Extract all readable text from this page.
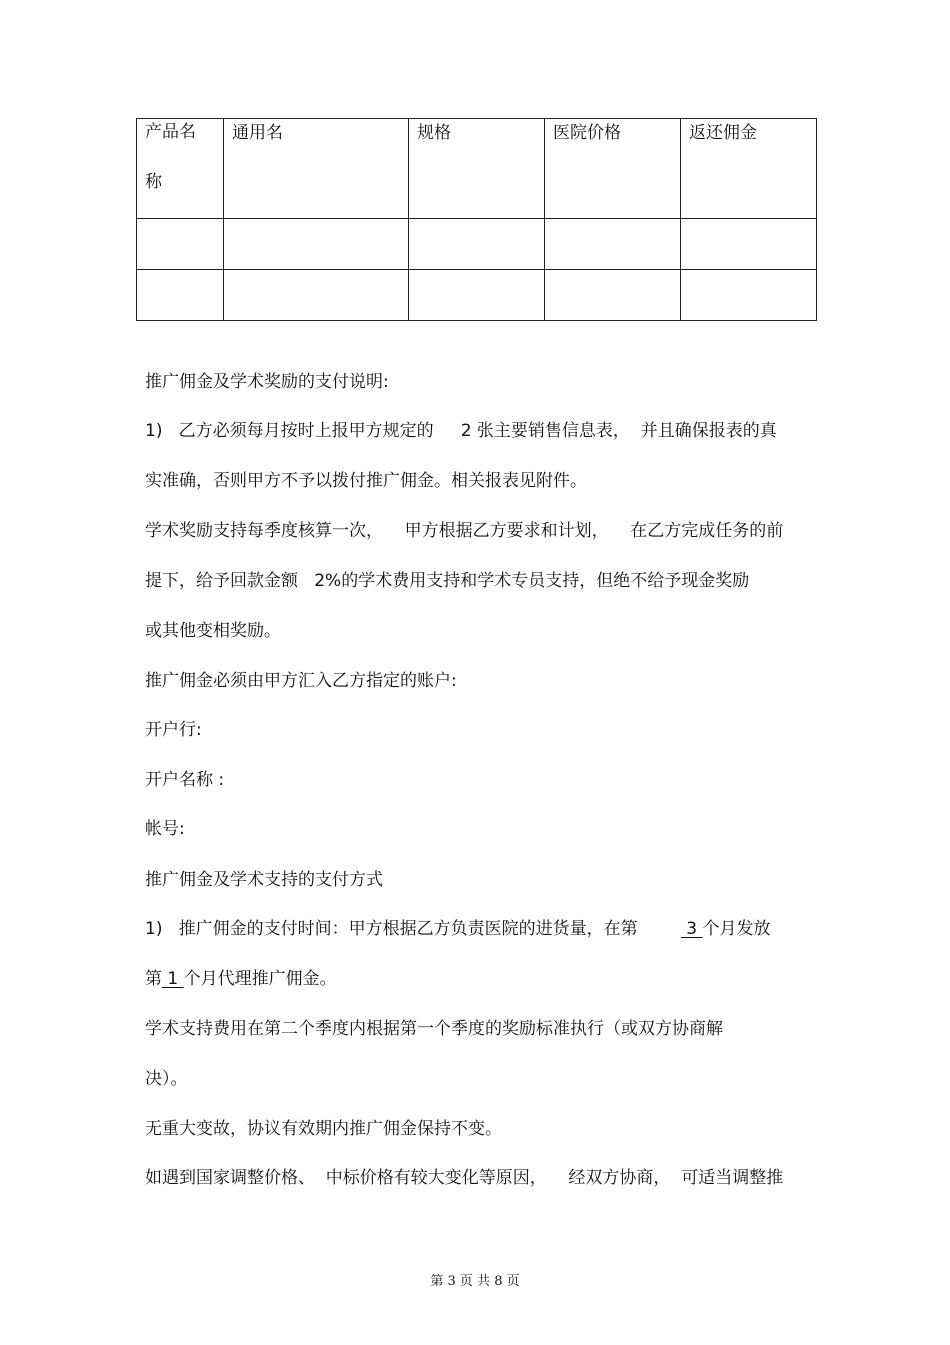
产品名
称	通用名	规格	医院价格	返还佣金

推广佣金及学术奖励的支付说明:
1)   乙方必须每月按时上报甲方规定的     2 张主要销售信息表，  并且确保报表的真
实准确，否则甲方不予以拨付推广佣金。相关报表见附件。
学术奖励支持每季度核算一次，    甲方根据乙方要求和计划，    在乙方完成任务的前
提下，给予回款金额   2%的学术费用支持和学术专员支持，但绝不给予现金奖励
或其他变相奖励。
推广佣金必须由甲方汇入乙方指定的账户:
开户行:
开户名称 :
帐号:
推广佣金及学术支持的支付方式
1)   推广佣金的支付时间：甲方根据乙方负责医院的进货量，在第         3 个月发放
第 1 个月代理推广佣金。
学术支持费用在第二个季度内根据第一个季度的奖励标准执行（或双方协商解
决）。
无重大变故，协议有效期内推广佣金保持不变。
如遇到国家调整价格、  中标价格有较大变化等原因，    经双方协商，  可适当调整推
第 3 页 共 8 页
